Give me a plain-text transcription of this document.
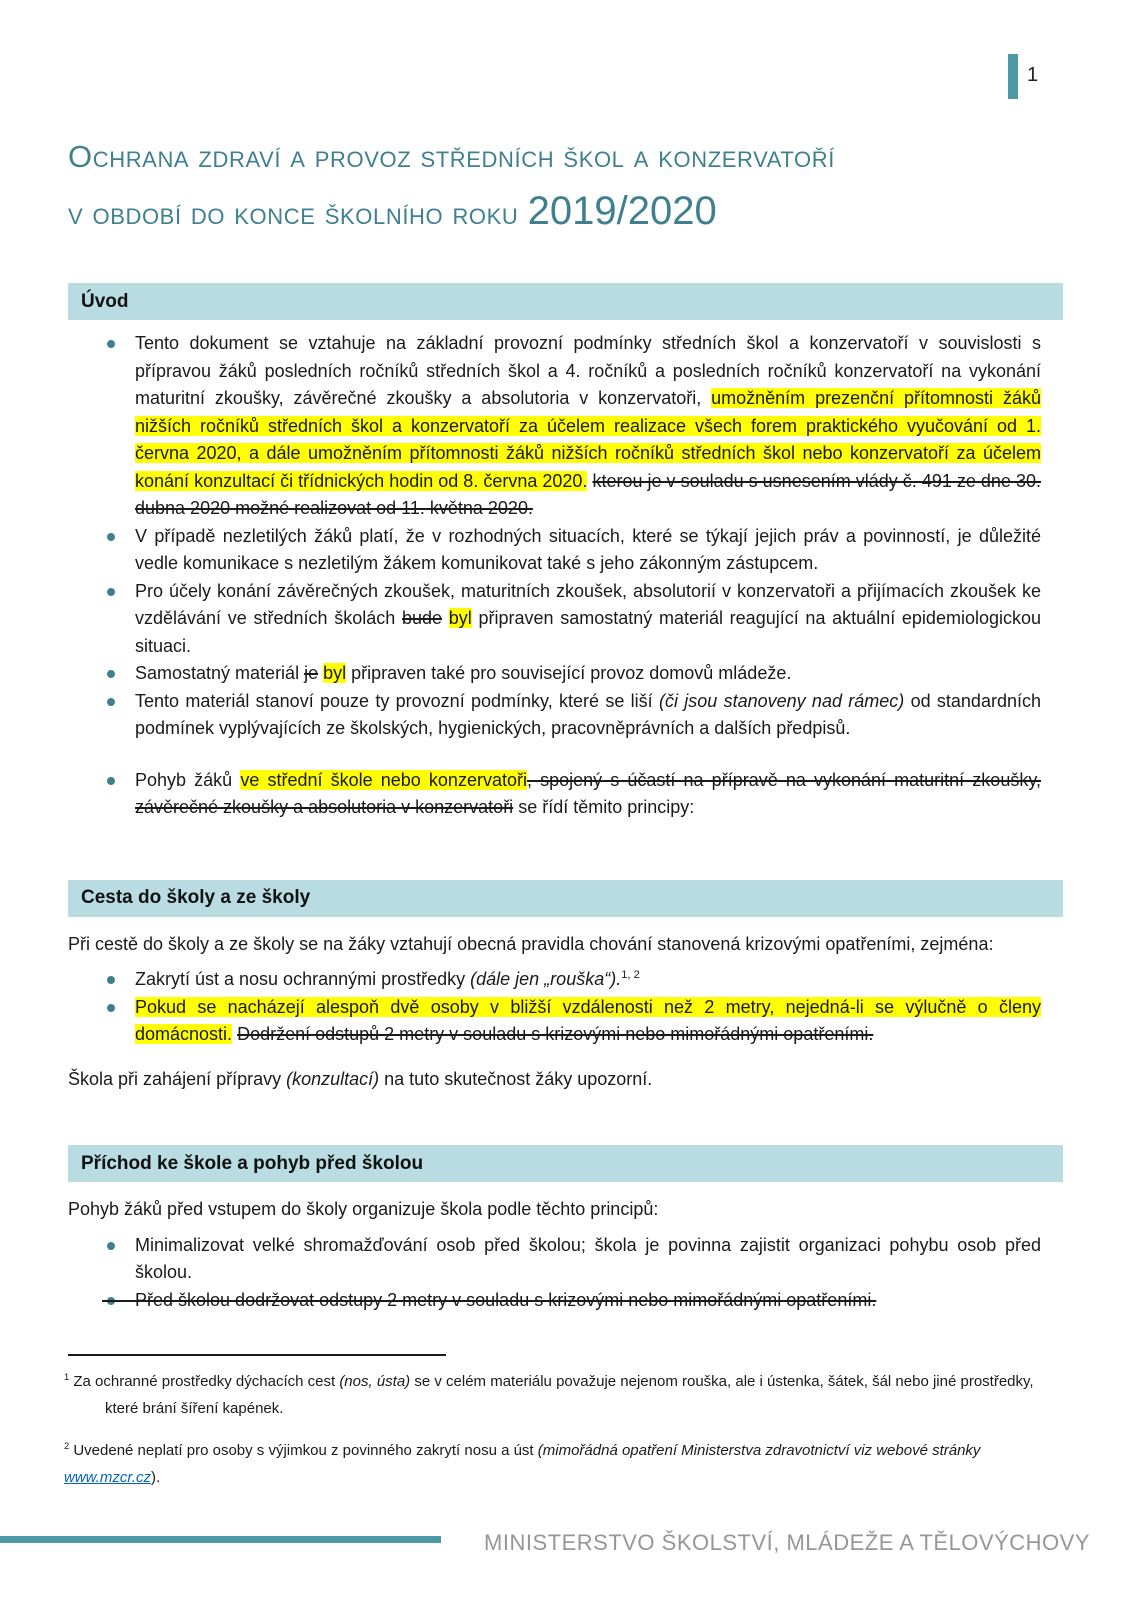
1
Ochrana zdraví a provoz středních škol a konzervatoří
v období do konce školního roku 2019/2020
Úvod
Tento dokument se vztahuje na základní provozní podmínky středních škol a konzervatoří v souvislosti s přípravou žáků posledních ročníků středních škol a 4. ročníků a posledních ročníků konzervatoří na vykonání maturitní zkoušky, závěrečné zkoušky a absolutoria v konzervatoři, umožněním prezenční přítomnosti žáků nižších ročníků středních škol a konzervatoří za účelem realizace všech forem praktického vyučování od 1. června 2020, a dále umožněním přítomnosti žáků nižších ročníků středních škol nebo konzervatoří za účelem konání konzultací či třídnických hodin od 8. června 2020. kterou je v souladu s usnesením vlády č. 491 ze dne 30. dubna 2020 možné realizovat od 11. května 2020.
V případě nezletilých žáků platí, že v rozhodných situacích, které se týkají jejich práv a povinností, je důležité vedle komunikace s nezletilým žákem komunikovat také s jeho zákonným zástupcem.
Pro účely konání závěrečných zkoušek, maturitních zkoušek, absolutorií v konzervatoři a přijímacích zkoušek ke vzdělávání ve středních školách bude byl připraven samostatný materiál reagující na aktuální epidemiologickou situaci.
Samostatný materiál je byl připraven také pro související provoz domovů mládeže.
Tento materiál stanoví pouze ty provozní podmínky, které se liší (či jsou stanoveny nad rámec) od standardních podmínek vyplývajících ze školských, hygienických, pracovněprávních a dalších předpisů.
Pohyb žáků ve střední škole nebo konzervatoři, spojený s účastí na přípravě na vykonání maturitní zkoušky, závěrečné zkoušky a absolutoria v konzervatoři se řídí těmito principy:
Cesta do školy a ze školy

Při cestě do školy a ze školy se na žáky vztahují obecná pravidla chování stanovená krizovými opatřeními, zejména:

Zakrytí úst a nosu ochrannými prostředky (dále jen „rouška“).$^{1, 2}$
Pokud se nacházejí alespoň dvě osoby v bližší vzdálenosti než 2 metry, nejedná-li se výlučně o členy domácnosti. Dodržení odstupů 2 metry v souladu s krizovými nebo mimořádnými opatřeními.

Škola při zahájení přípravy (konzultací) na tuto skutečnost žáky upozorní.

Příchod ke škole a pohyb před školou

Pohyb žáků před vstupem do školy organizuje škola podle těchto principů:

Minimalizovat velké shromažďování osob před školou; škola je povinna zajistit organizaci pohybu osob před školou.
Před školou dodržovat odstupy 2 metry v souladu s krizovými nebo mimořádnými opatřeními.
$^1$ Za ochranné prostředky dýchacích cest (nos, ústa) se v celém materiálu považuje nejenom rouška, ale i ústenka, šátek, šál nebo jiné prostředky, které brání šíření kapének.
$^2$ Uvedené neplatí pro osoby s výjimkou z povinného zakrytí nosu a úst (mimořádná opatření Ministerstva zdravotnictví viz webové stránky www.mzcr.cz).
MINISTERSTVO ŠKOLSTVÍ, MLÁDEŽE A TĚLOVÝCHOVY
